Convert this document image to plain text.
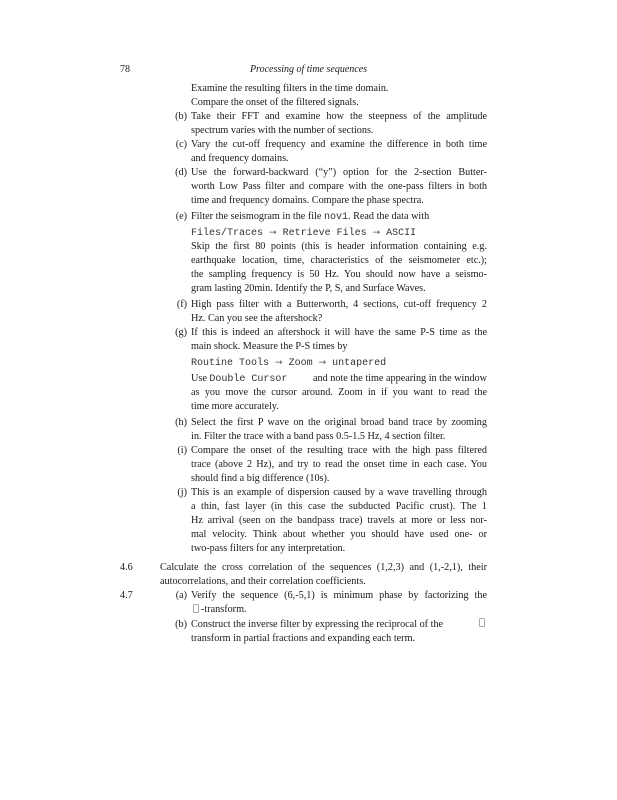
78	Processing of time sequences
Examine the resulting filters in the time domain.
Compare the onset of the filtered signals.
(b) Take their FFT and examine how the steepness of the amplitude
spectrum varies with the number of sections.
(c) Vary the cut-off frequency and examine the difference in both time
and frequency domains.
(d) Use the forward-backward (“y”) option for the 2-section Butter-
worth Low Pass filter and compare with the one-pass filters in both
time and frequency domains. Compare the phase spectra.
(e) Filter the seismogram in the file nov1. Read the data with
Files/Traces → Retrieve Files → ASCII
Skip the first 80 points (this is header information containing e.g.
earthquake location, time, characteristics of the seismometer etc.);
the sampling frequency is 50 Hz. You should now have a seismo-
gram lasting 20min. Identify the P, S, and Surface Waves.
(f) High pass filter with a Butterworth, 4 sections, cut-off frequency 2
Hz. Can you see the aftershock?
(g) If this is indeed an aftershock it will have the same P-S time as the
main shock. Measure the P-S times by
Routine Tools → Zoom → untapered
Use Double Cursor	and note the time appearing in the window
as you move the cursor around. Zoom in if you want to read the
time more accurately.
(h) Select the first P wave on the original broad band trace by zooming
in. Filter the trace with a band pass 0.5-1.5 Hz, 4 section filter.
(i) Compare the onset of the resulting trace with the high pass filtered
trace (above 2 Hz), and try to read the onset time in each case. You
should find a big difference (10s).
(j) This is an example of dispersion caused by a wave travelling through
a thin, fast layer (in this case the subducted Pacific crust). The 1
Hz arrival (seen on the bandpass trace) travels at more or less nor-
mal velocity. Think about whether you should have used one- or
two-pass filters for any interpretation.
4.6	Calculate the cross correlation of the sequences (1,2,3) and (1,-2,1), their
autocorrelations, and their correlation coefficients.
4.7	(a) Verify the sequence (6,-5,1) is minimum phase by factorizing the
-transform.
(b) Construct the inverse filter by expressing the reciprocal of the
transform in partial fractions and expanding each term.
